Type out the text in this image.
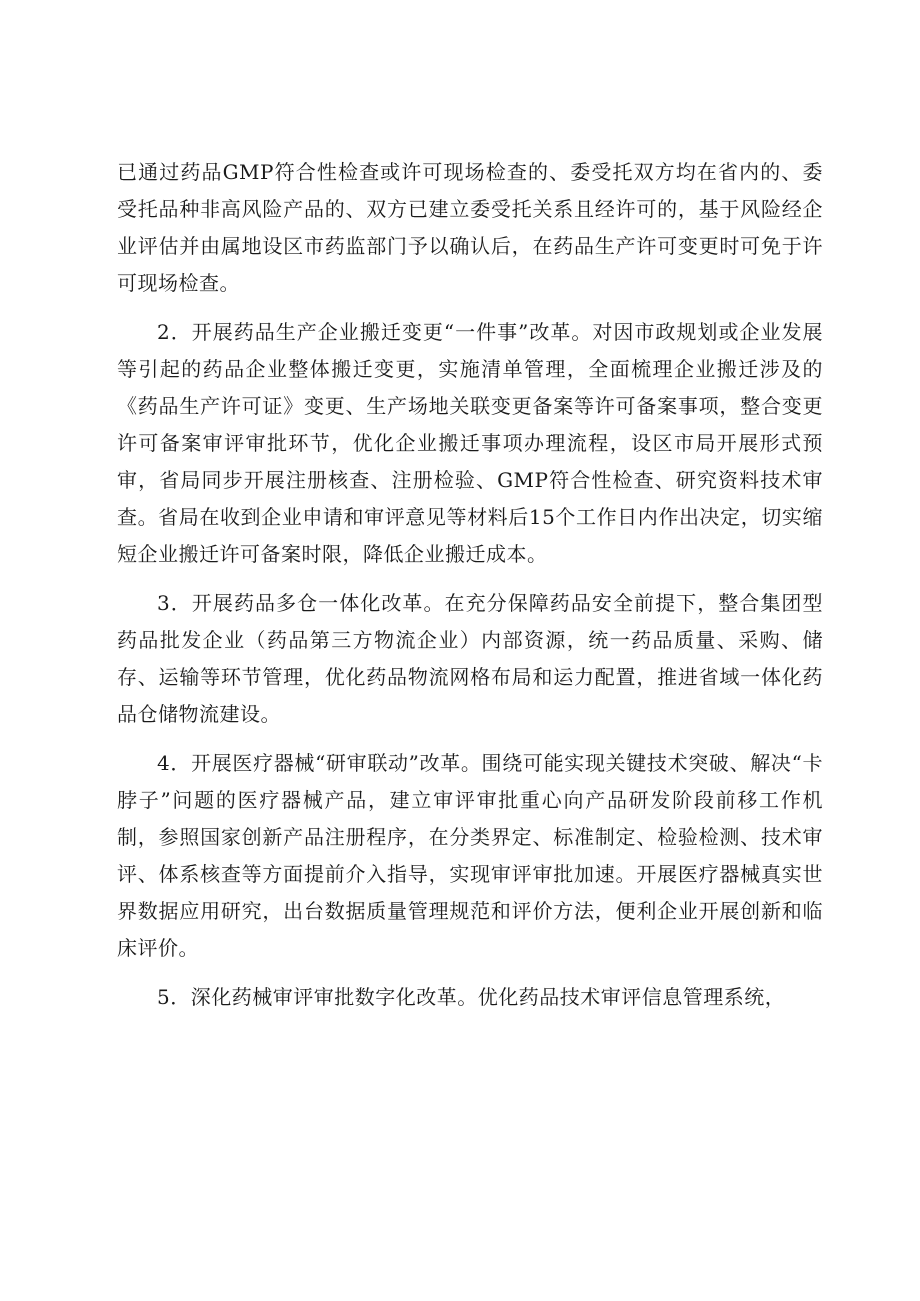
已通过药品GMP符合性检查或许可现场检查的、委受托双方均在省内的、委受托品种非高风险产品的、双方已建立委受托关系且经许可的，基于风险经企业评估并由属地设区市药监部门予以确认后，在药品生产许可变更时可免于许可现场检查。

2．开展药品生产企业搬迁变更“一件事”改革。对因市政规划或企业发展等引起的药品企业整体搬迁变更，实施清单管理，全面梳理企业搬迁涉及的《药品生产许可证》变更、生产场地关联变更备案等许可备案事项，整合变更许可备案审评审批环节，优化企业搬迁事项办理流程，设区市局开展形式预审，省局同步开展注册核查、注册检验、GMP符合性检查、研究资料技术审查。省局在收到企业申请和审评意见等材料后15个工作日内作出决定，切实缩短企业搬迁许可备案时限，降低企业搬迁成本。

3．开展药品多仓一体化改革。在充分保障药品安全前提下，整合集团型药品批发企业（药品第三方物流企业）内部资源，统一药品质量、采购、储存、运输等环节管理，优化药品物流网格布局和运力配置，推进省域一体化药品仓储物流建设。

4．开展医疗器械“研审联动”改革。围绕可能实现关键技术突破、解决“卡脖子”问题的医疗器械产品，建立审评审批重心向产品研发阶段前移工作机制，参照国家创新产品注册程序，在分类界定、标准制定、检验检测、技术审评、体系核查等方面提前介入指导，实现审评审批加速。开展医疗器械真实世界数据应用研究，出台数据质量管理规范和评价方法，便利企业开展创新和临床评价。

5．深化药械审评审批数字化改革。优化药品技术审评信息管理系统，
